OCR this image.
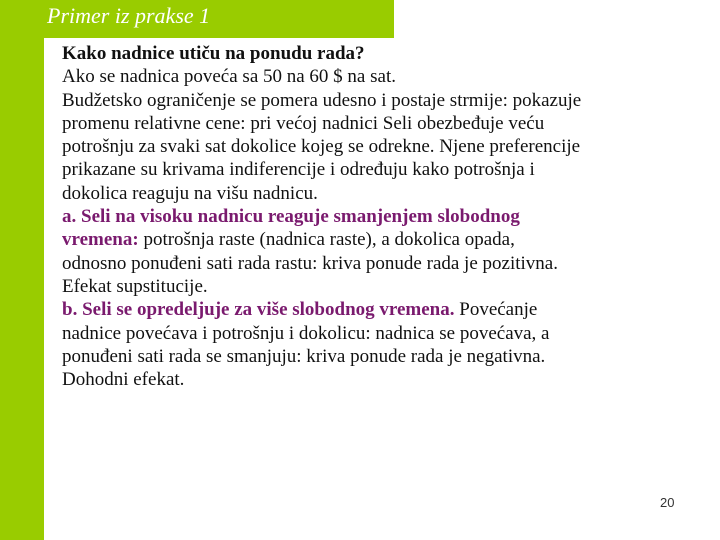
Primer iz prakse 1
Kako nadnice utiču na ponudu rada?
Ako se nadnica poveća sa 50 na 60 $ na sat.
Budžetsko ograničenje se pomera udesno i postaje strmije: pokazuje
promenu relativne cene: pri većoj nadnici Seli obezbeđuje veću
potrošnju za svaki sat dokolice kojeg se odrekne. Njene preferencije
prikazane su krivama indiferencije i određuju kako potrošnja i
dokolica reaguju na višu nadnicu.
a. Seli na visoku nadnicu reaguje smanjenjem slobodnog
vremena: potrošnja raste (nadnica raste), a dokolica opada,
odnosno ponuđeni sati rada rastu: kriva ponude rada je pozitivna.
Efekat supstitucije.
b. Seli se opredeljuje za više slobodnog vremena. Povećanje
nadnice povećava i potrošnju i dokolicu: nadnica se povećava, a
ponuđeni sati rada se smanjuju: kriva ponude rada je negativna.
Dohodni efekat.
20
